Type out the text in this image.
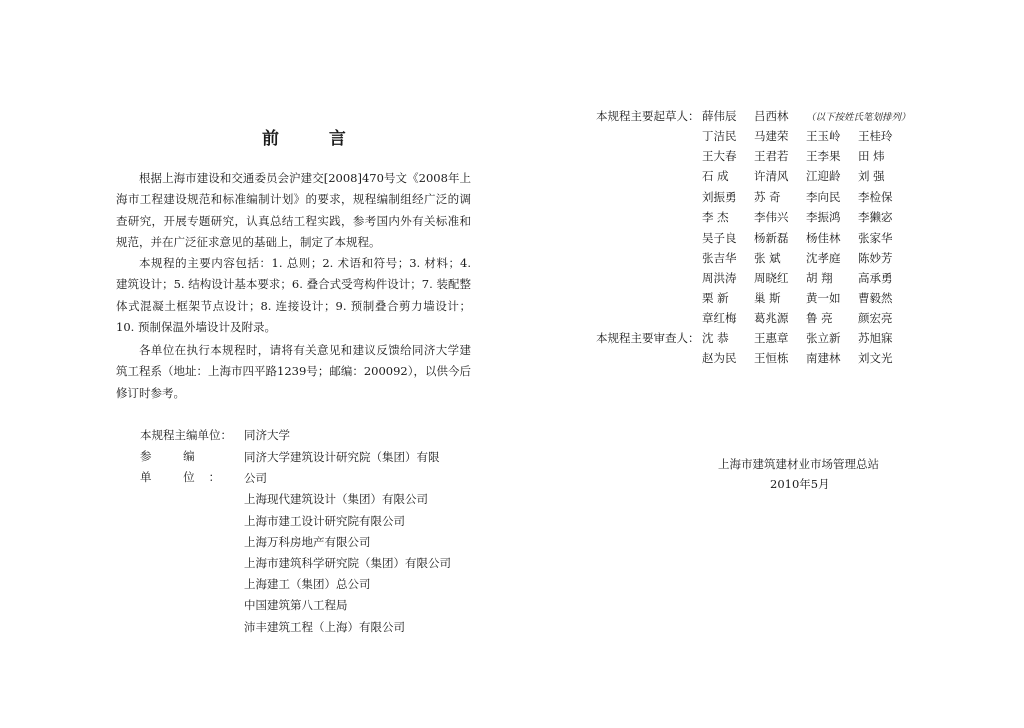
前 言

根据上海市建设和交通委员会沪建交[2008]470号文《2008年上海市工程建设规范和标准编制计划》的要求，规程编制组经广泛的调查研究，开展专题研究，认真总结工程实践，参考国内外有关标准和规范，并在广泛征求意见的基础上，制定了本规程。

本规程的主要内容包括：1. 总则；2. 术语和符号；3. 材料；4. 建筑设计；5. 结构设计基本要求；6. 叠合式受弯构件设计；7. 装配整体式混凝土框架节点设计；8. 连接设计；9. 预制叠合剪力墙设计；10. 预制保温外墙设计及附录。

各单位在执行本规程时，请将有关意见和建议反馈给同济大学建筑工程系（地址：上海市四平路1239号；邮编：200092），以供今后修订时参考。

本规程主编单位： 同济大学
参 编 单 位：
同济大学建筑设计研究院（集团）有限
公司
上海现代建筑设计（集团）有限公司
上海市建工设计研究院有限公司
上海万科房地产有限公司
上海市建筑科学研究院（集团）有限公司
上海建工（集团）总公司
中国建筑第八工程局
沛丰建筑工程（上海）有限公司
本规程主要起草人： 薛伟辰 吕西林 （以下按姓氏笔划排列）
丁洁民 马建荣 王玉岭 王桂玲
王大春 王君若 王李果 田 炜
石 成 许清风 江迎龄 刘 强
刘振勇 苏 奇 李向民 李检保
李 杰 李伟兴 李振鸿 李獭宓
吴子良 杨新磊 杨佳林 张家华
张吉华 张 斌 沈孝庭 陈妙芳
周洪涛 周晓红 胡 翔 高承勇
栗 新 巢 斯 黄一如 曹毅然
章红梅 葛兆源 鲁 亮 颜宏亮
本规程主要审查人： 沈 恭 王惠章 张立新 苏旭寐
赵为民 王恒栋 南建林 刘文光
上海市建筑建材业市场管理总站
2010年5月
